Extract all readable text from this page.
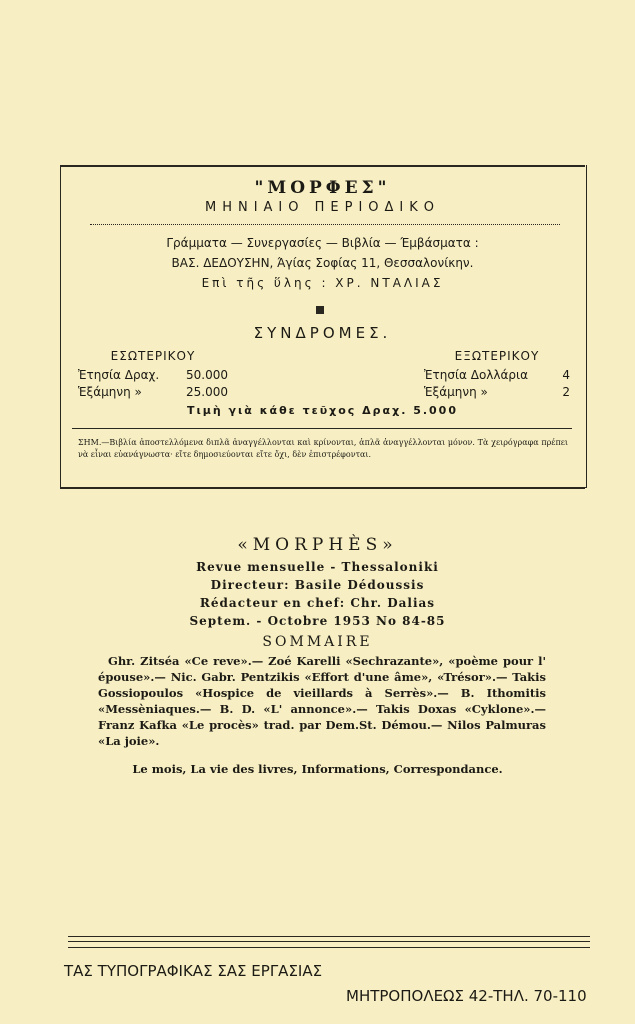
"ΜΟΡΦΕΣ"
ΜΗΝΙΑΙΟ ΠΕΡΙΟΔΙΚΟ
Γράμματα — Συνεργασίες — Βιβλία — Έμβάσματα :
ΒΑΣ. ΔΕΔΟΥΣΗΝ, Άγίας Σοφίας 11, Θεσσαλονίκην.
Επὶ τῆς ὕλης : ΧΡ. ΝΤΑΛΙΑΣ
ΣΥΝΔΡΟΜΕΣ.
ΕΣΩΤΕΡΙΚΟΥ
Ἐτησία Δραχ. 50.000
Ἑξάμηνη »	25.000
ΕΞΩΤΕΡΙΚΟΥ
Ἐτησία Δολλάρια	4
Ἑξάμηνη »	2
Τιμὴ γιὰ κάθε τεῦχος Δραχ. 5.000
ΣΗΜ.—Βιβλία ἀποστελλόμενα διπλᾶ ἀναγγέλλονται καὶ κρίνονται, ἁπλᾶ ἀναγγέλλονται μόνον. Τὰ χειρόγραφα πρέπει νὰ εἶναι εὐανάγνωστα· εἴτε δημοσιεύονται εἴτε ὄχι, δὲν ἐπιστρέφονται.
«MORPHÈS»
Revue mensuelle - Thessaloniki
Directeur: Basile Dédoussis
Rédacteur en chef: Chr. Dalias
Septem. - Octobre 1953 No 84-85
SOMMAIRE
Ghr. Zitséa «Ce reve».— Zoé Karelli «Sechrazante», «poème pour l' épouse».— Nic. Gabr. Pentzikis «Effort d'une âme», «Trésor».— Takis Gossiopoulos «Hospice de vieillards à Serrès».— B. Ithomitis «Messèniaques.— B. D. «L' annonce».— Takis Doxas «Cyklone».— Franz Kafka «Le procès» trad. par Dem.St. Démou.— Nilos Palmuras «La joie».
Le mois, La vie des livres, Informations, Correspondance.
ΤΑΣ ΤΥΠΟΓΡΑΦΙΚΑΣ ΣΑΣ ΕΡΓΑΣΙΑΣ
ΜΗΤΡΟΠΟΛΕΩΣ 42-ΤΗΛ. 70-110
